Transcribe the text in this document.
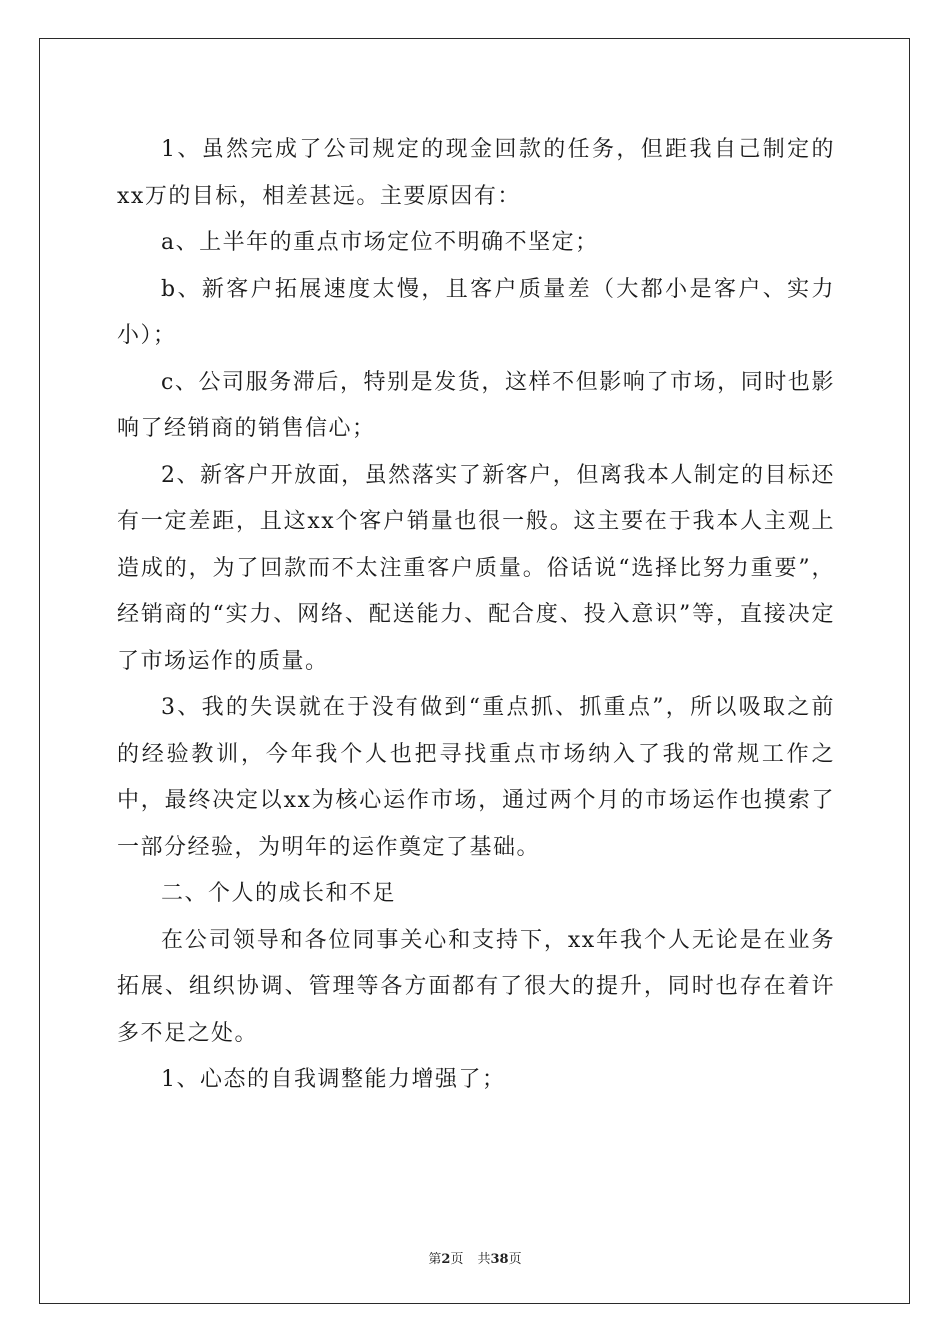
1、虽然完成了公司规定的现金回款的任务，但距我自己制定的xx万的目标，相差甚远。主要原因有：

a、上半年的重点市场定位不明确不坚定；

b、新客户拓展速度太慢，且客户质量差（大都小是客户、实力小）；

c、公司服务滞后，特别是发货，这样不但影响了市场，同时也影响了经销商的销售信心；

2、新客户开放面，虽然落实了新客户，但离我本人制定的目标还有一定差距，且这xx个客户销量也很一般。这主要在于我本人主观上造成的，为了回款而不太注重客户质量。俗话说“选择比努力重要”，经销商的“实力、网络、配送能力、配合度、投入意识”等，直接决定了市场运作的质量。

3、我的失误就在于没有做到“重点抓、抓重点”，所以吸取之前的经验教训，今年我个人也把寻找重点市场纳入了我的常规工作之中，最终决定以xx为核心运作市场，通过两个月的市场运作也摸索了一部分经验，为明年的运作奠定了基础。

二、个人的成长和不足

在公司领导和各位同事关心和支持下，xx年我个人无论是在业务拓展、组织协调、管理等各方面都有了很大的提升，同时也存在着许多不足之处。

1、心态的自我调整能力增强了；

第2页 共38页
